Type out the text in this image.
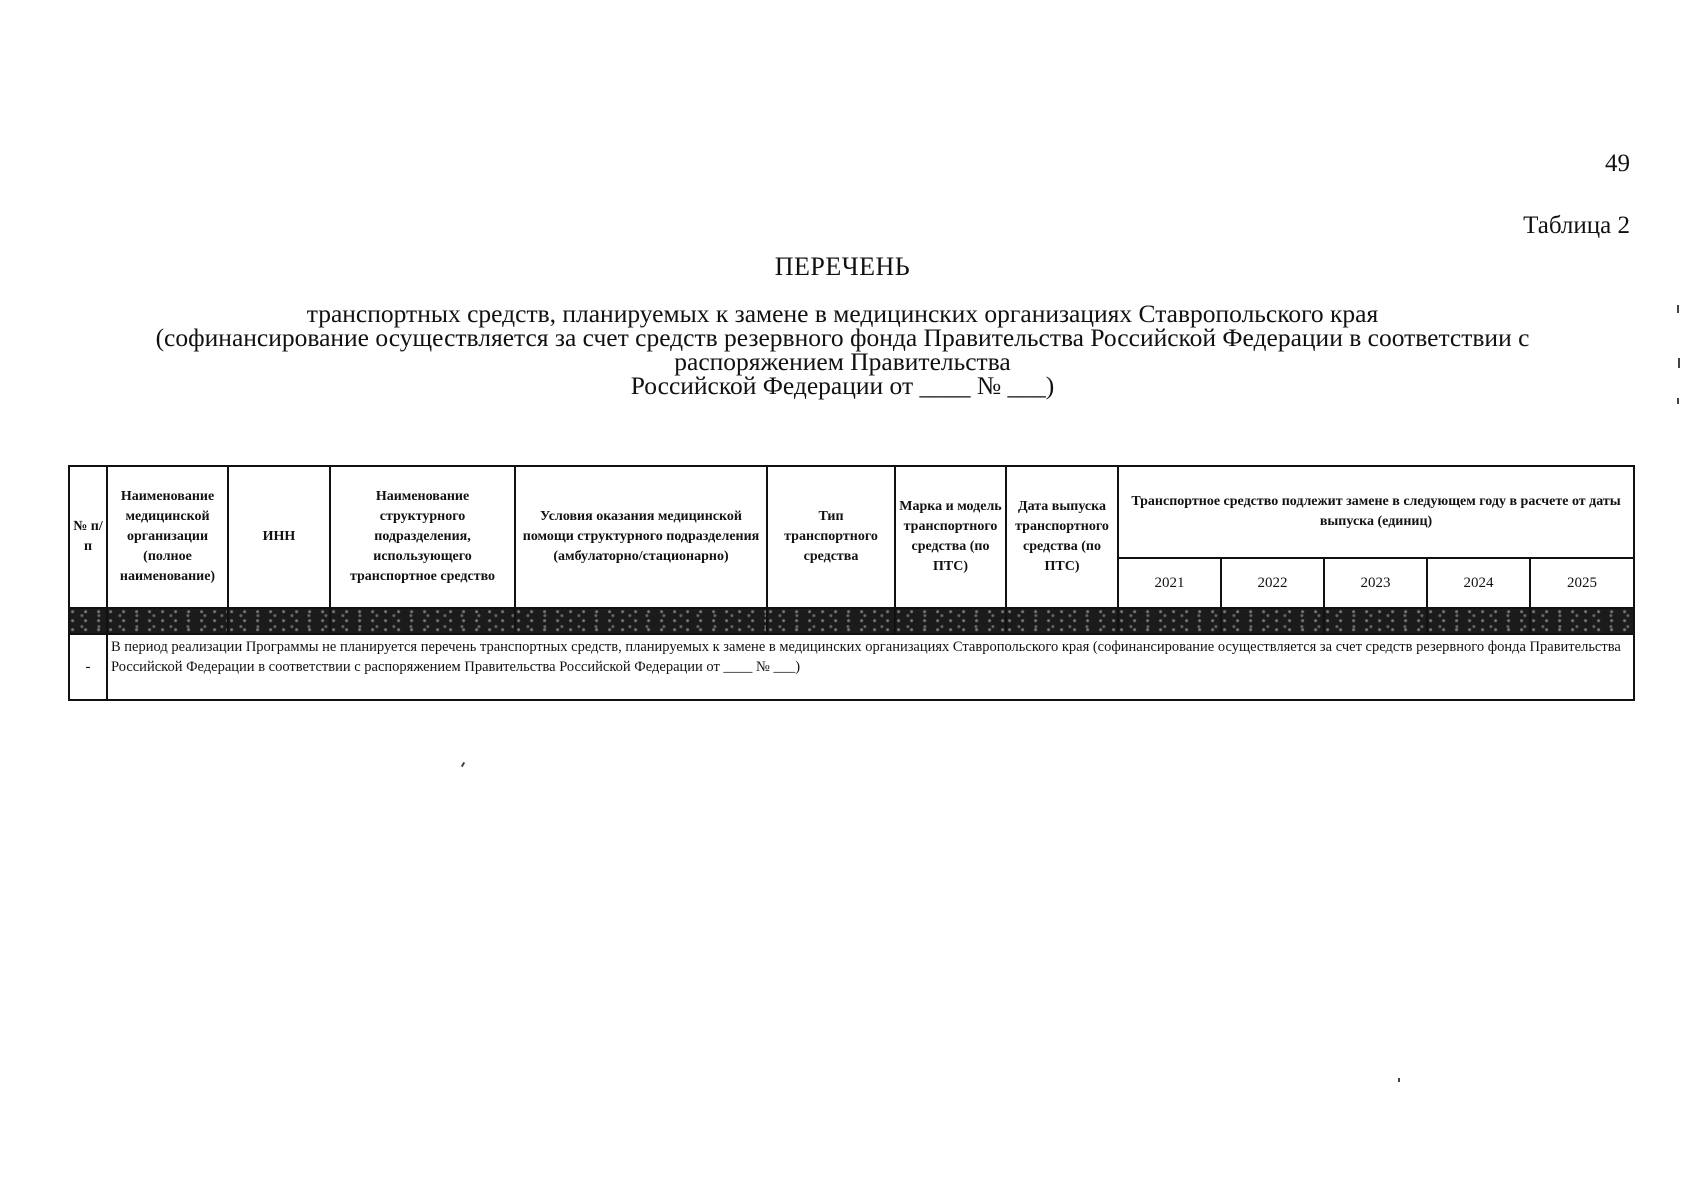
49
Таблица 2
ПЕРЕЧЕНЬ
транспортных средств, планируемых к замене в медицинских организациях Ставропольского края
(софинансирование осуществляется за счет средств резервного фонда Правительства Российской Федерации в соответствии с
распоряжением Правительства
Российской Федерации от ____ № ___)
№ п/п	Наименование медицинской организации (полное наименование)	ИНН	Наименование структурного подразделения, использующего транспортное средство	Условия оказания медицинской помощи структурного подразделения (амбулаторно/стационарно)	Тип транспортного средства	Марка и модель транспортного средства (по ПТС)	Дата выпуска транспортного средства (по ПТС)	Транспортное средство подлежит замене в следующем году в расчете от даты выпуска (единиц)				
								2021	2022	2023	2024	2025

-	В период реализации Программы не планируется перечень транспортных средств, планируемых к замене в медицинских организациях Ставропольского края (софинансирование осуществляется за счет средств резервного фонда Правительства Российской Федерации в соответствии с распоряжением Правительства Российской Федерации от ____ № ___)											
